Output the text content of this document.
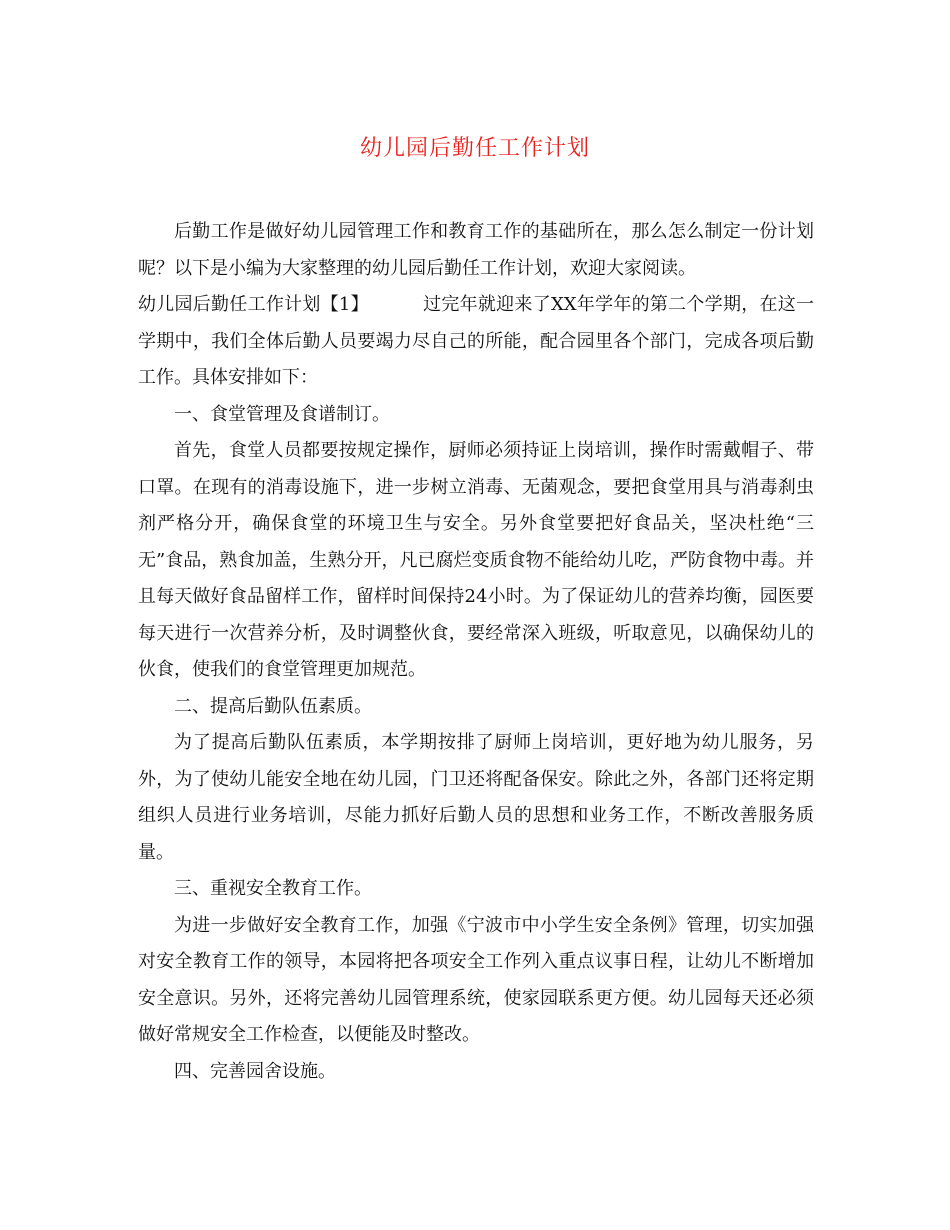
幼儿园后勤任工作计划

后勤工作是做好幼儿园管理工作和教育工作的基础所在，那么怎么制定一份计划呢？以下是小编为大家整理的幼儿园后勤任工作计划，欢迎大家阅读。

幼儿园后勤任工作计划【1】	过完年就迎来了XX年学年的第二个学期，在这一学期中，我们全体后勤人员要竭力尽自己的所能，配合园里各个部门，完成各项后勤工作。具体安排如下：

一、食堂管理及食谱制订。

首先，食堂人员都要按规定操作，厨师必须持证上岗培训，操作时需戴帽子、带口罩。在现有的消毒设施下，进一步树立消毒、无菌观念，要把食堂用具与消毒刹虫剂严格分开，确保食堂的环境卫生与安全。另外食堂要把好食品关，坚决杜绝“三无”食品，熟食加盖，生熟分开，凡已腐烂变质食物不能给幼儿吃，严防食物中毒。并且每天做好食品留样工作，留样时间保持24小时。为了保证幼儿的营养均衡，园医要每天进行一次营养分析，及时调整伙食，要经常深入班级，听取意见，以确保幼儿的伙食，使我们的食堂管理更加规范。

二、提高后勤队伍素质。

为了提高后勤队伍素质，本学期按排了厨师上岗培训，更好地为幼儿服务，另外，为了使幼儿能安全地在幼儿园，门卫还将配备保安。除此之外，各部门还将定期组织人员进行业务培训，尽能力抓好后勤人员的思想和业务工作，不断改善服务质量。

三、重视安全教育工作。

为进一步做好安全教育工作，加强《宁波市中小学生安全条例》管理，切实加强对安全教育工作的领导，本园将把各项安全工作列入重点议事日程，让幼儿不断增加安全意识。另外，还将完善幼儿园管理系统，使家园联系更方便。幼儿园每天还必须做好常规安全工作检查，以便能及时整改。

四、完善园舍设施。
